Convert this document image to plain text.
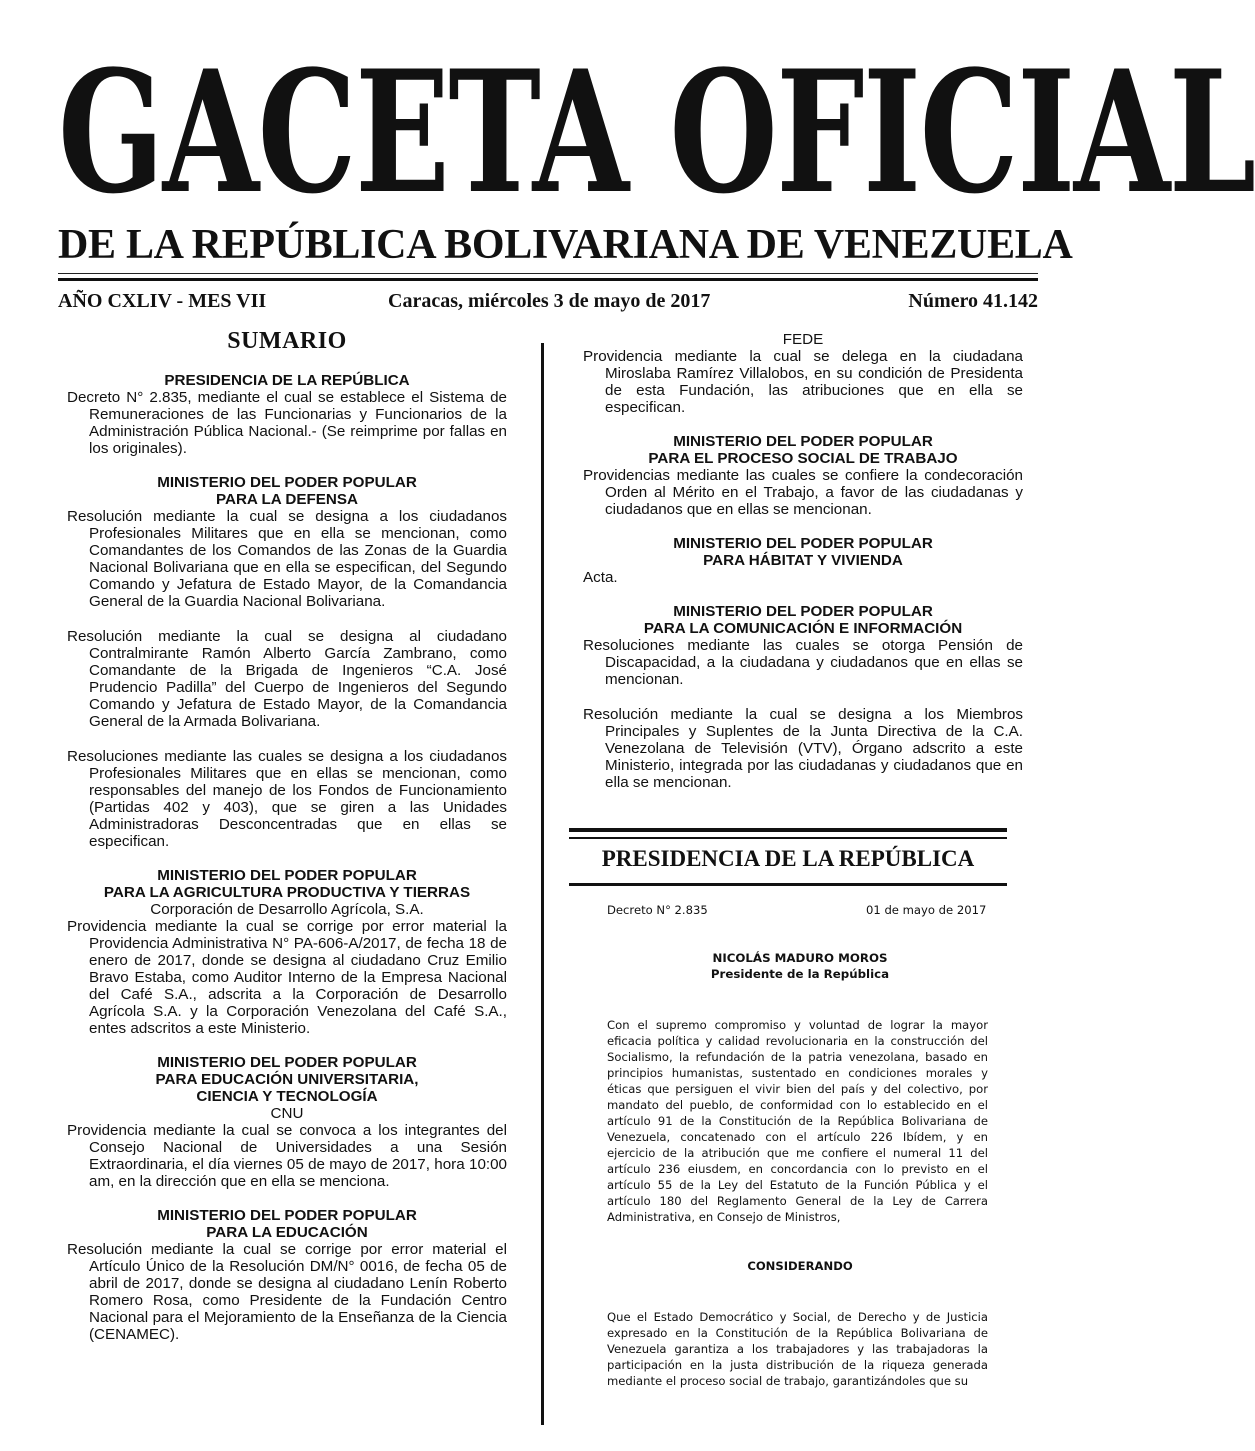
GACETA OFICIAL
DE LA REPÚBLICA BOLIVARIANA DE VENEZUELA
AÑO CXLIV - MES VII	Caracas, miércoles 3 de mayo de 2017	Número 41.142
SUMARIO

PRESIDENCIA DE LA REPÚBLICA

Decreto N° 2.835, mediante el cual se establece el Sistema de Remuneraciones de las Funcionarias y Funcionarios de la Administración Pública Nacional.- (Se reimprime por fallas en los originales).

MINISTERIO DEL PODER POPULAR

PARA LA DEFENSA

Resolución mediante la cual se designa a los ciudadanos Profesionales Militares que en ella se mencionan, como Comandantes de los Comandos de las Zonas de la Guardia Nacional Bolivariana que en ella se especifican, del Segundo Comando y Jefatura de Estado Mayor, de la Comandancia General de la Guardia Nacional Bolivariana.

Resolución mediante la cual se designa al ciudadano Contralmirante Ramón Alberto García Zambrano, como Comandante de la Brigada de Ingenieros “C.A. José Prudencio Padilla” del Cuerpo de Ingenieros del Segundo Comando y Jefatura de Estado Mayor, de la Comandancia General de la Armada Bolivariana.

Resoluciones mediante las cuales se designa a los ciudadanos Profesionales Militares que en ellas se mencionan, como responsables del manejo de los Fondos de Funcionamiento (Partidas 402 y 403), que se giren a las Unidades Administradoras Desconcentradas que en ellas se especifican.

MINISTERIO DEL PODER POPULAR

PARA LA AGRICULTURA PRODUCTIVA Y TIERRAS

Corporación de Desarrollo Agrícola, S.A.

Providencia mediante la cual se corrige por error material la Providencia Administrativa N° PA-606-A/2017, de fecha 18 de enero de 2017, donde se designa al ciudadano Cruz Emilio Bravo Estaba, como Auditor Interno de la Empresa Nacional del Café S.A., adscrita a la Corporación de Desarrollo Agrícola S.A. y la Corporación Venezolana del Café S.A., entes adscritos a este Ministerio.

MINISTERIO DEL PODER POPULAR

PARA EDUCACIÓN UNIVERSITARIA,

CIENCIA Y TECNOLOGÍA

CNU

Providencia mediante la cual se convoca a los integrantes del Consejo Nacional de Universidades a una Sesión Extraordinaria, el día viernes 05 de mayo de 2017, hora 10:00 am, en la dirección que en ella se menciona.

MINISTERIO DEL PODER POPULAR

PARA LA EDUCACIÓN

Resolución mediante la cual se corrige por error material el Artículo Único de la Resolución DM/N° 0016, de fecha 05 de abril de 2017, donde se designa al ciudadano Lenín Roberto Romero Rosa, como Presidente de la Fundación Centro Nacional para el Mejoramiento de la Enseñanza de la Ciencia (CENAMEC).

FEDE

Providencia mediante la cual se delega en la ciudadana Miroslaba Ramírez Villalobos, en su condición de Presidenta de esta Fundación, las atribuciones que en ella se especifican.

MINISTERIO DEL PODER POPULAR

PARA EL PROCESO SOCIAL DE TRABAJO

Providencias mediante las cuales se confiere la condecoración Orden al Mérito en el Trabajo, a favor de las ciudadanas y ciudadanos que en ellas se mencionan.

MINISTERIO DEL PODER POPULAR

PARA HÁBITAT Y VIVIENDA

Acta.

MINISTERIO DEL PODER POPULAR

PARA LA COMUNICACIÓN E INFORMACIÓN

Resoluciones mediante las cuales se otorga Pensión de Discapacidad, a la ciudadana y ciudadanos que en ellas se mencionan.

Resolución mediante la cual se designa a los Miembros Principales y Suplentes de la Junta Directiva de la C.A. Venezolana de Televisión (VTV), Órgano adscrito a este Ministerio, integrada por las ciudadanas y ciudadanos que en ella se mencionan.

PRESIDENCIA DE LA REPÚBLICA
Decreto N° 2.835	01 de mayo de 2017
NICOLÁS MADURO MOROS
Presidente de la República
Con el supremo compromiso y voluntad de lograr la mayor eficacia política y calidad revolucionaria en la construcción del Socialismo, la refundación de la patria venezolana, basado en principios humanistas, sustentado en condiciones morales y éticas que persiguen el vivir bien del país y del colectivo, por mandato del pueblo, de conformidad con lo establecido en el artículo 91 de la Constitución de la República Bolivariana de Venezuela, concatenado con el artículo 226 Ibídem, y en ejercicio de la atribución que me confiere el numeral 11 del artículo 236 eiusdem, en concordancia con lo previsto en el artículo 55 de la Ley del Estatuto de la Función Pública y el artículo 180 del Reglamento General de la Ley de Carrera Administrativa, en Consejo de Ministros,
CONSIDERANDO
Que el Estado Democrático y Social, de Derecho y de Justicia expresado en la Constitución de la República Bolivariana de Venezuela garantiza a los trabajadores y las trabajadoras la participación en la justa distribución de la riqueza generada mediante el proceso social de trabajo, garantizándoles que su
